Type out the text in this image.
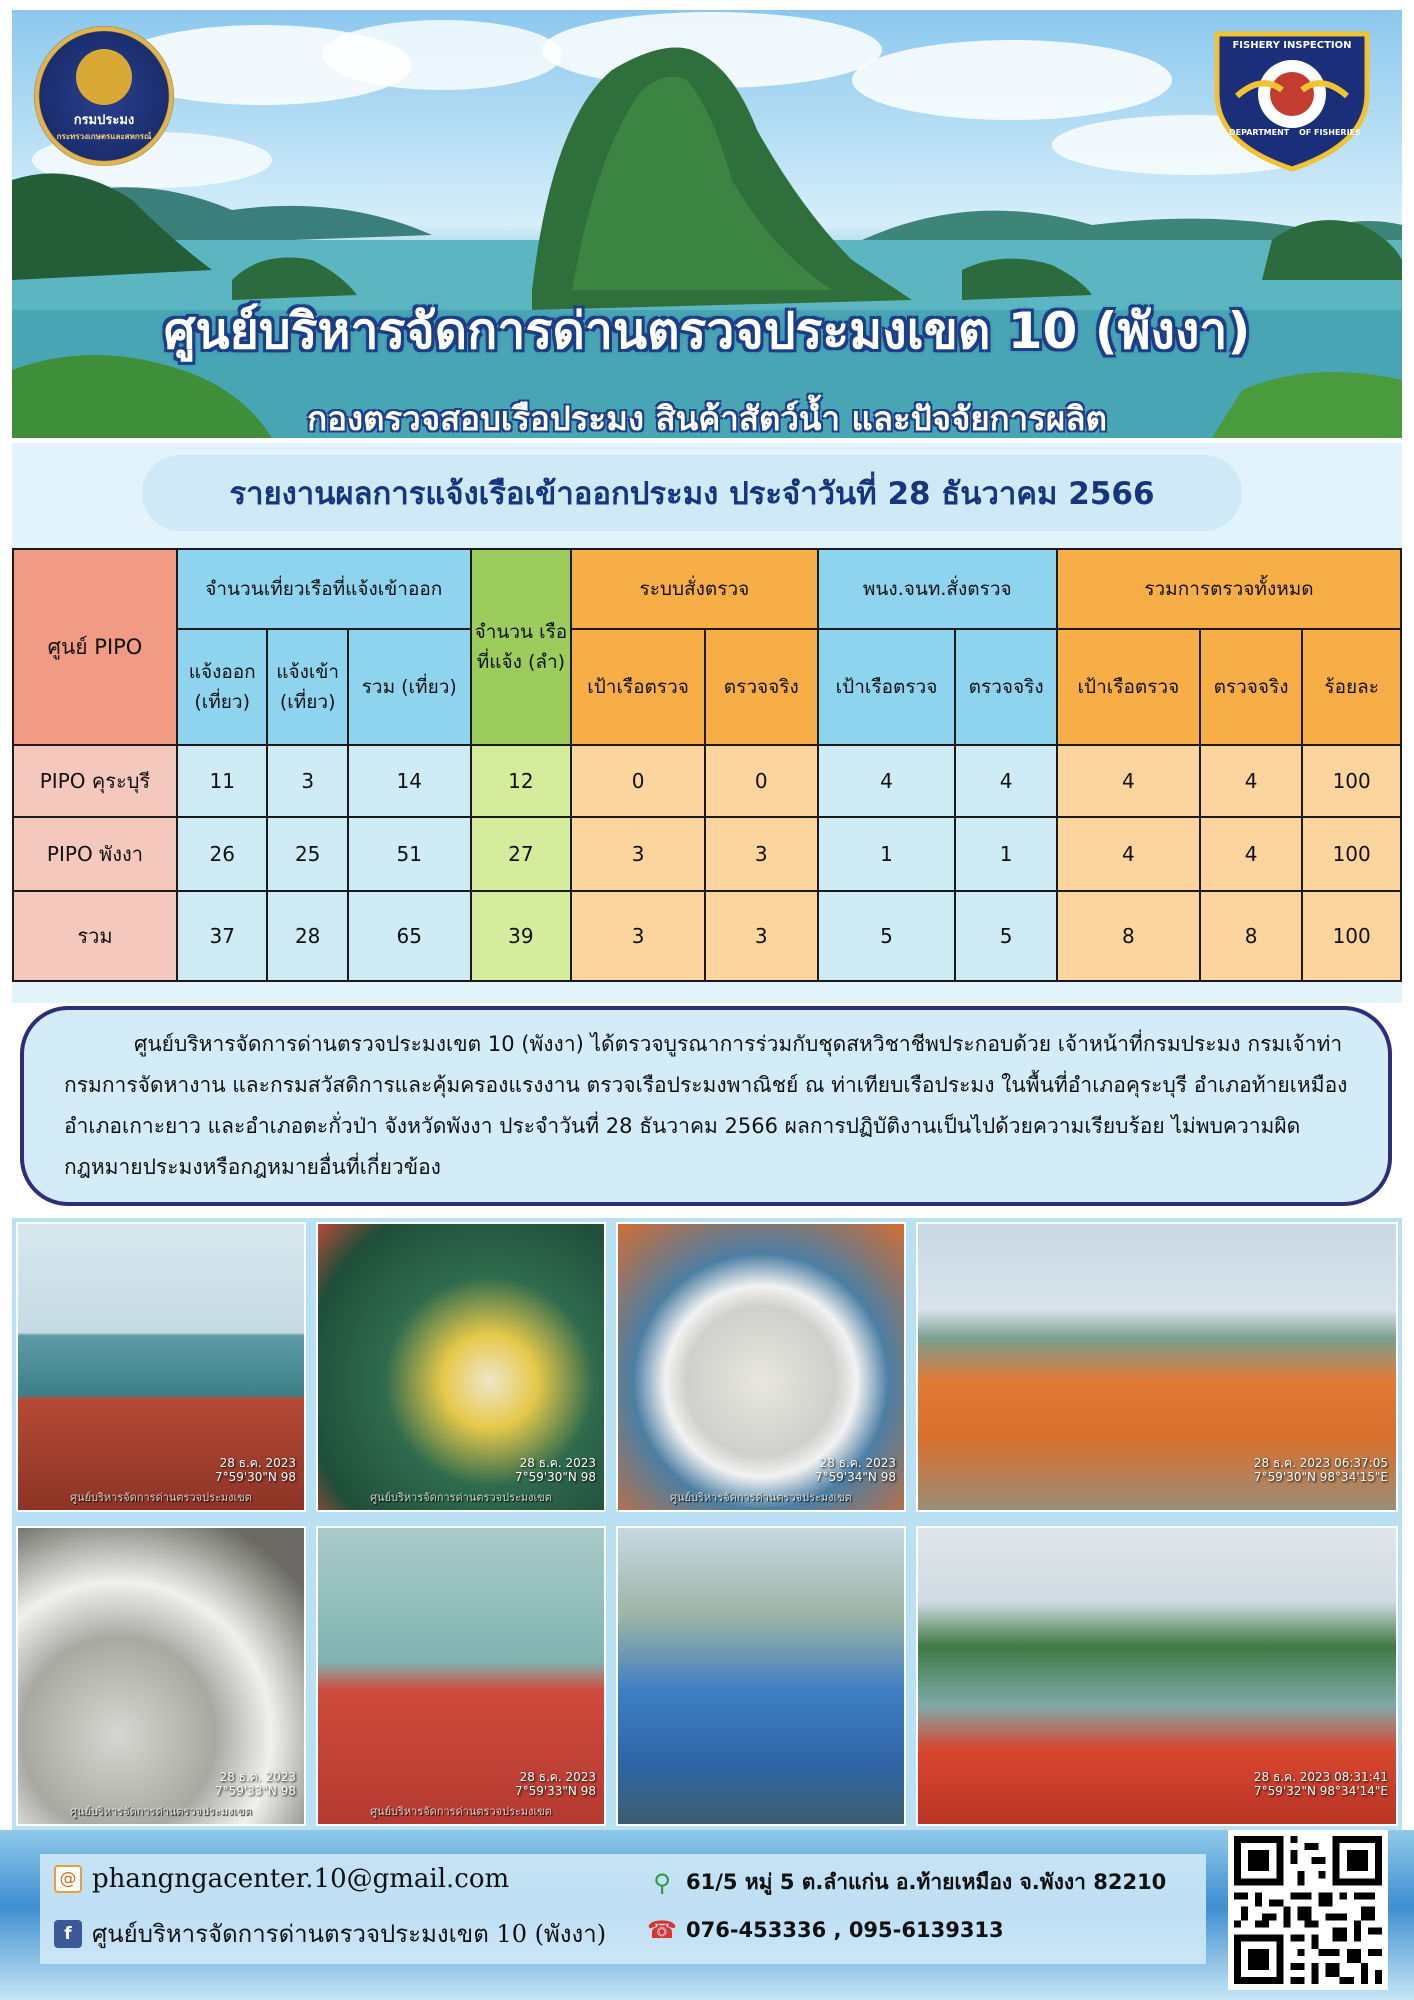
กรมประมง
กระทรวงเกษตรและสหกรณ์
FISHERY INSPECTION
DEPARTMENT OF FISHERIES
ศูนย์บริหารจัดการด่านตรวจประมงเขต 10 (พังงา)
กองตรวจสอบเรือประมง สินค้าสัตว์น้ำ และปัจจัยการผลิต
รายงานผลการแจ้งเรือเข้าออกประมง ประจำวันที่ 28 ธันวาคม 2566
ศูนย์ PIPO	จำนวนเที่ยวเรือที่แจ้งเข้าออก			จำนวน เรือที่แจ้ง (ลำ)	ระบบสั่งตรวจ		พนง.จนท.สั่งตรวจ		รวมการตรวจทั้งหมด		
	แจ้งออก (เที่ยว)	แจ้งเข้า (เที่ยว)	รวม (เที่ยว)		เป้าเรือตรวจ	ตรวจจริง	เป้าเรือตรวจ	ตรวจจริง	เป้าเรือตรวจ	ตรวจจริง	ร้อยละ
PIPO คุระบุรี	11	3	14	12	0	0	4	4	4	4	100
PIPO พังงา	26	25	51	27	3	3	1	1	4	4	100
รวม	37	28	65	39	3	3	5	5	8	8	100

ศูนย์บริหารจัดการด่านตรวจประมงเขต 10 (พังงา) ได้ตรวจบูรณาการร่วมกับชุดสหวิชาชีพประกอบด้วย เจ้าหน้าที่กรมประมง กรมเจ้าท่า กรมการจัดหางาน และกรมสวัสดิการและคุ้มครองแรงงาน ตรวจเรือประมงพาณิชย์ ณ ท่าเทียบเรือประมง ในพื้นที่อำเภอคุระบุรี อำเภอท้ายเหมือง อำเภอเกาะยาว และอำเภอตะกั่วป่า จังหวัดพังงา ประจำวันที่ 28 ธันวาคม 2566 ผลการปฏิบัติงานเป็นไปด้วยความเรียบร้อย ไม่พบความผิดกฎหมายประมงหรือกฎหมายอื่นที่เกี่ยวข้อง

28 ธ.ค. 2023
7°59'30"N 98
ศูนย์บริหารจัดการด่านตรวจประมงเขต
28 ธ.ค. 2023
7°59'30"N 98
ศูนย์บริหารจัดการด่านตรวจประมงเขต
28 ธ.ค. 2023
7°59'34"N 98
ศูนย์บริหารจัดการด่านตรวจประมงเขต
28 ธ.ค. 2023 06:37:05
7°59'30"N 98°34'15"E
28 ธ.ค. 2023
7°59'33"N 98
ศูนย์บริหารจัดการด่านตรวจประมงเขต
28 ธ.ค. 2023
7°59'33"N 98
ศูนย์บริหารจัดการด่านตรวจประมงเขต
28 ธ.ค. 2023 08:31:41
7°59'32"N 98°34'14"E
@ phangngacenter.10@gmail.com
f ศูนย์บริหารจัดการด่านตรวจประมงเขต 10 (พังงา)
⚲ 61/5 หมู่ 5 ต.ลำแก่น อ.ท้ายเหมือง จ.พังงา 82210
☎ 076-453336 , 095-6139313
